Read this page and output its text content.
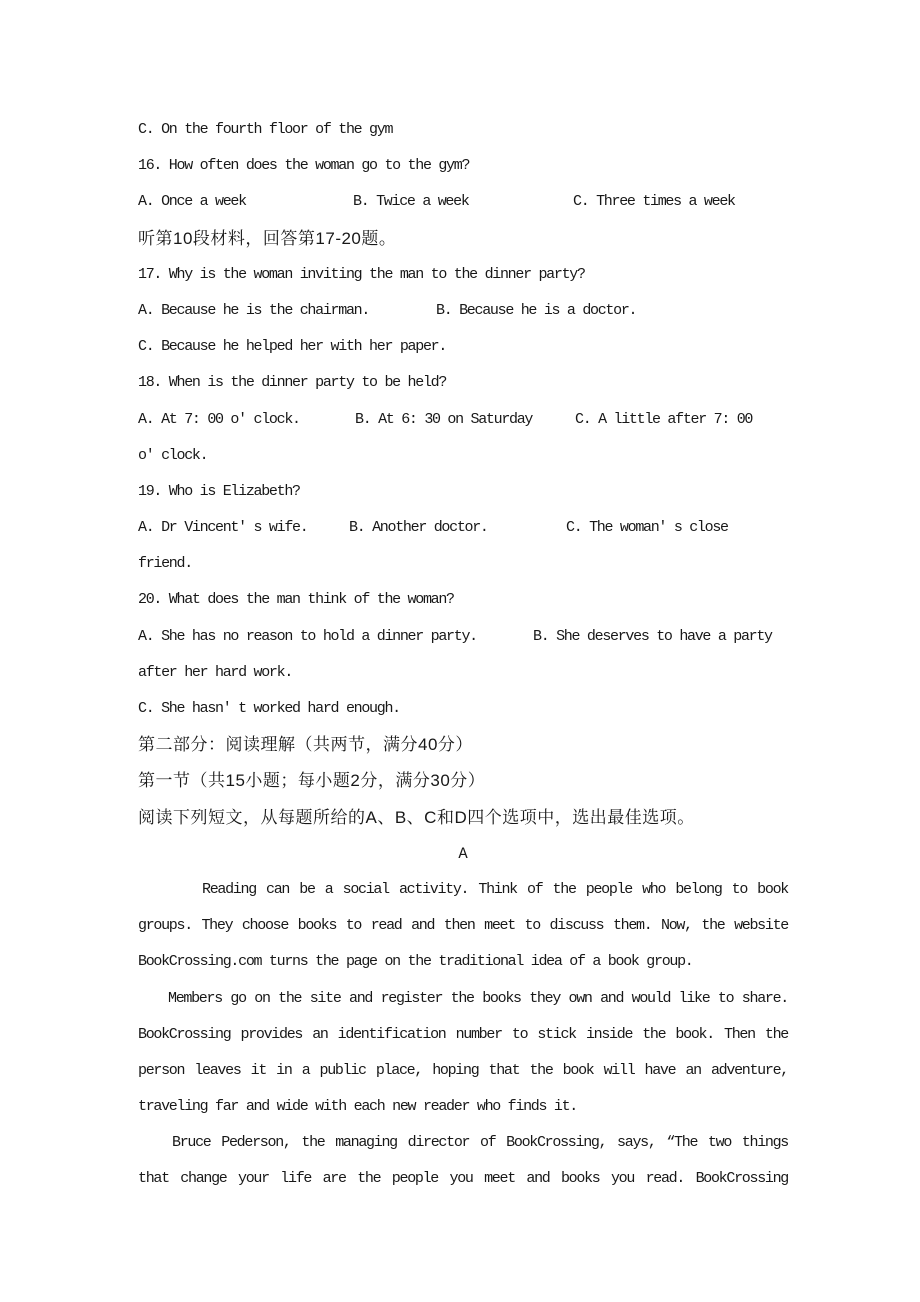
C. On the fourth floor of the gym
16. How often does the woman go to the gym?
A. Once a week	B. Twice a week	C. Three times a week
听第10段材料，回答第17-20题。
17. Why is the woman inviting the man to the dinner party?
A. Because he is the chairman.	B. Because he is a doctor.
C. Because he helped her with her paper.
18. When is the dinner party to be held?
A. At 7: 00 o' clock.	B. At 6: 30 on Saturday	C. A little after 7: 00
o' clock.
19. Who is Elizabeth?
A. Dr Vincent' s wife.	B. Another doctor.	C. The woman' s close
friend.
20. What does the man think of the woman?
A. She has no reason to hold a dinner party.	B. She deserves to have a party
after her hard work.
C. She hasn' t worked hard enough.
第二部分：阅读理解（共两节，满分40分）
第一节（共15小题；每小题2分，满分30分）
阅读下列短文，从每题所给的A、B、C和D四个选项中，选出最佳选项。
A
Reading can be a social activity. Think of the people who belong to book
groups. They choose books to read and then meet to discuss them. Now, the website
BookCrossing.com turns the page on the traditional idea of a book group.
Members go on the site and register the books they own and would like to share.
BookCrossing provides an identification number to stick inside the book. Then the
person leaves it in a public place, hoping that the book will have an adventure,
traveling far and wide with each new reader who finds it.
Bruce Pederson, the managing director of BookCrossing, says, “The two things
that change your life are the people you meet and books you read. BookCrossing
